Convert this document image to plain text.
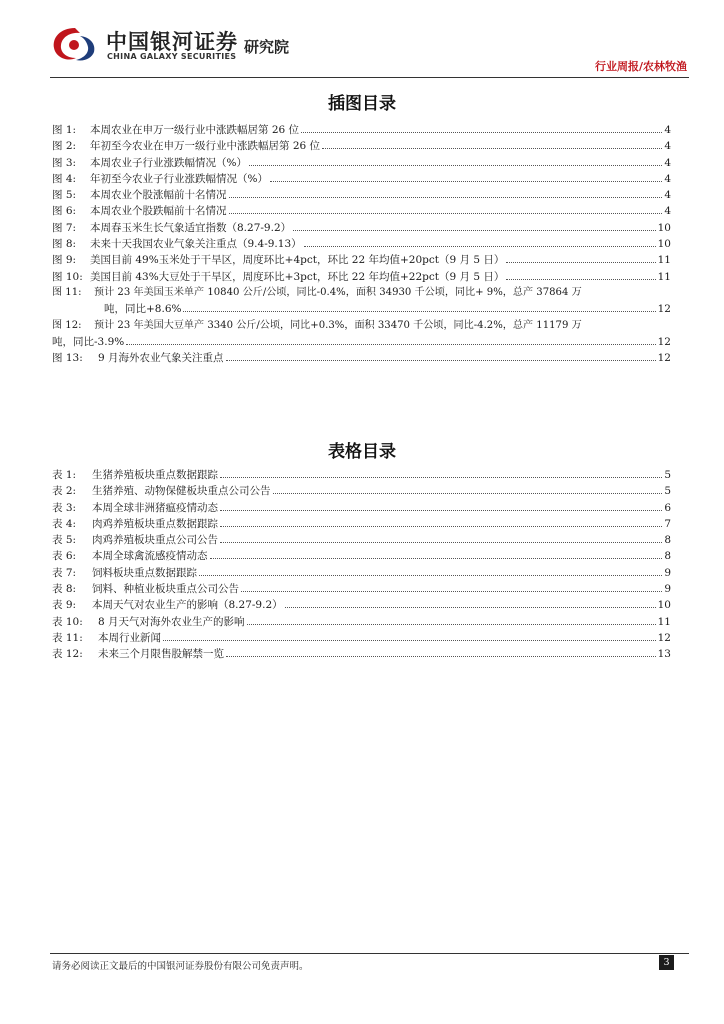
中国银河证券
CHINA GALAXY SECURITIES
研究院
行业周报/农林牧渔
插图目录
图 1:	本周农业在申万一级行业中涨跌幅居第 26 位	4
图 2:	年初至今农业在申万一级行业中涨跌幅居第 26 位	4
图 3:	本周农业子行业涨跌幅情况（%）	4
图 4:	年初至今农业子行业涨跌幅情况（%）	4
图 5:	本周农业个股涨幅前十名情况	4
图 6:	本周农业个股跌幅前十名情况	4
图 7:	本周春玉米生长气象适宜指数（8.27-9.2）	10
图 8:	未来十天我国农业气象关注重点（9.4-9.13）	10
图 9:	美国目前 49%玉米处于干旱区，周度环比+4pct，环比 22 年均值+20pct（9 月 5 日）	11
图 10: 美国目前 43%大豆处于干旱区，周度环比+3pct，环比 22 年均值+22pct（9 月 5 日）	11
图 11:	预计 23 年美国玉米单产 10840 公斤/公顷，同比-0.4%，面积 34930 千公顷，同比+ 9%，总产 37864 万
吨，同比+8.6%	12
图 12:	预计 23 年美国大豆单产 3340 公斤/公顷，同比+0.3%，面积 33470 千公顷，同比-4.2%，总产 11179 万
吨，同比-3.9%	12
图 13:	9 月海外农业气象关注重点	12
表格目录
表 1:	生猪养殖板块重点数据跟踪	5
表 2:	生猪养殖、动物保健板块重点公司公告	5
表 3:	本周全球非洲猪瘟疫情动态	6
表 4:	肉鸡养殖板块重点数据跟踪	7
表 5:	肉鸡养殖板块重点公司公告	8
表 6:	本周全球禽流感疫情动态	8
表 7:	饲料板块重点数据跟踪	9
表 8:	饲料、种植业板块重点公司公告	9
表 9:	本周天气对农业生产的影响（8.27-9.2）	10
表 10:	8 月天气对海外农业生产的影响	11
表 11:	本周行业新闻	12
表 12:	未来三个月限售股解禁一览	13
请务必阅读正文最后的中国银河证券股份有限公司免责声明。	3
